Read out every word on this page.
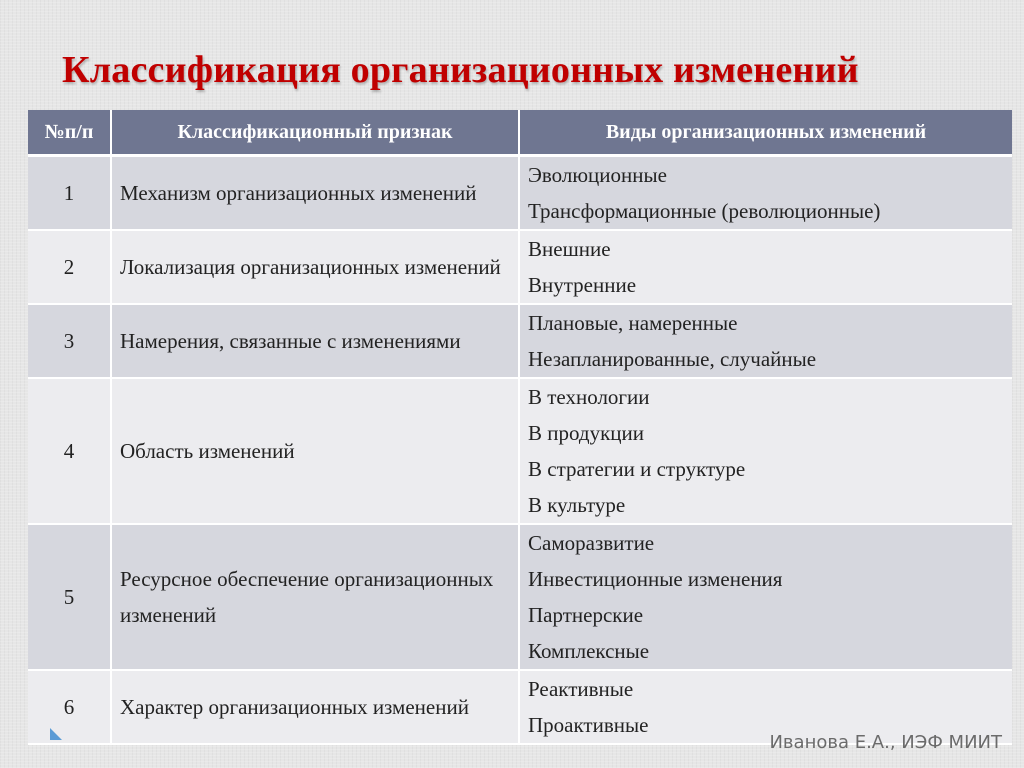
Классификация организационных изменений
№п/п	Классификационный признак	Виды организационных изменений
1	Механизм организационных изменений	Эволюционные
Трансформационные (революционные)

2	Локализация организационных изменений	Внешние
Внутренние

3	Намерения, связанные с изменениями	Плановые, намеренные
Незапланированные, случайные

4	Область изменений	В технологии
В продукции
В стратегии и структуре
В культуре

5	Ресурсное обеспечение организационных изменений	Саморазвитие
Инвестиционные изменения
Партнерские
Комплексные

6	Характер организационных изменений	Реактивные
Проактивные
Иванова Е.А., ИЭФ МИИТ
